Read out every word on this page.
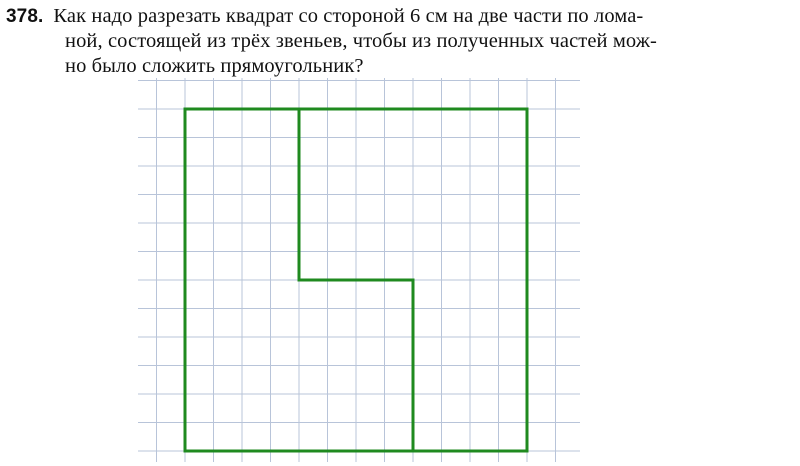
378. Как надо разрезать квадрат со стороной 6 см на две части по лома-
ной, состоящей из трёх звеньев, чтобы из полученных частей мож-
но было сложить прямоугольник?
